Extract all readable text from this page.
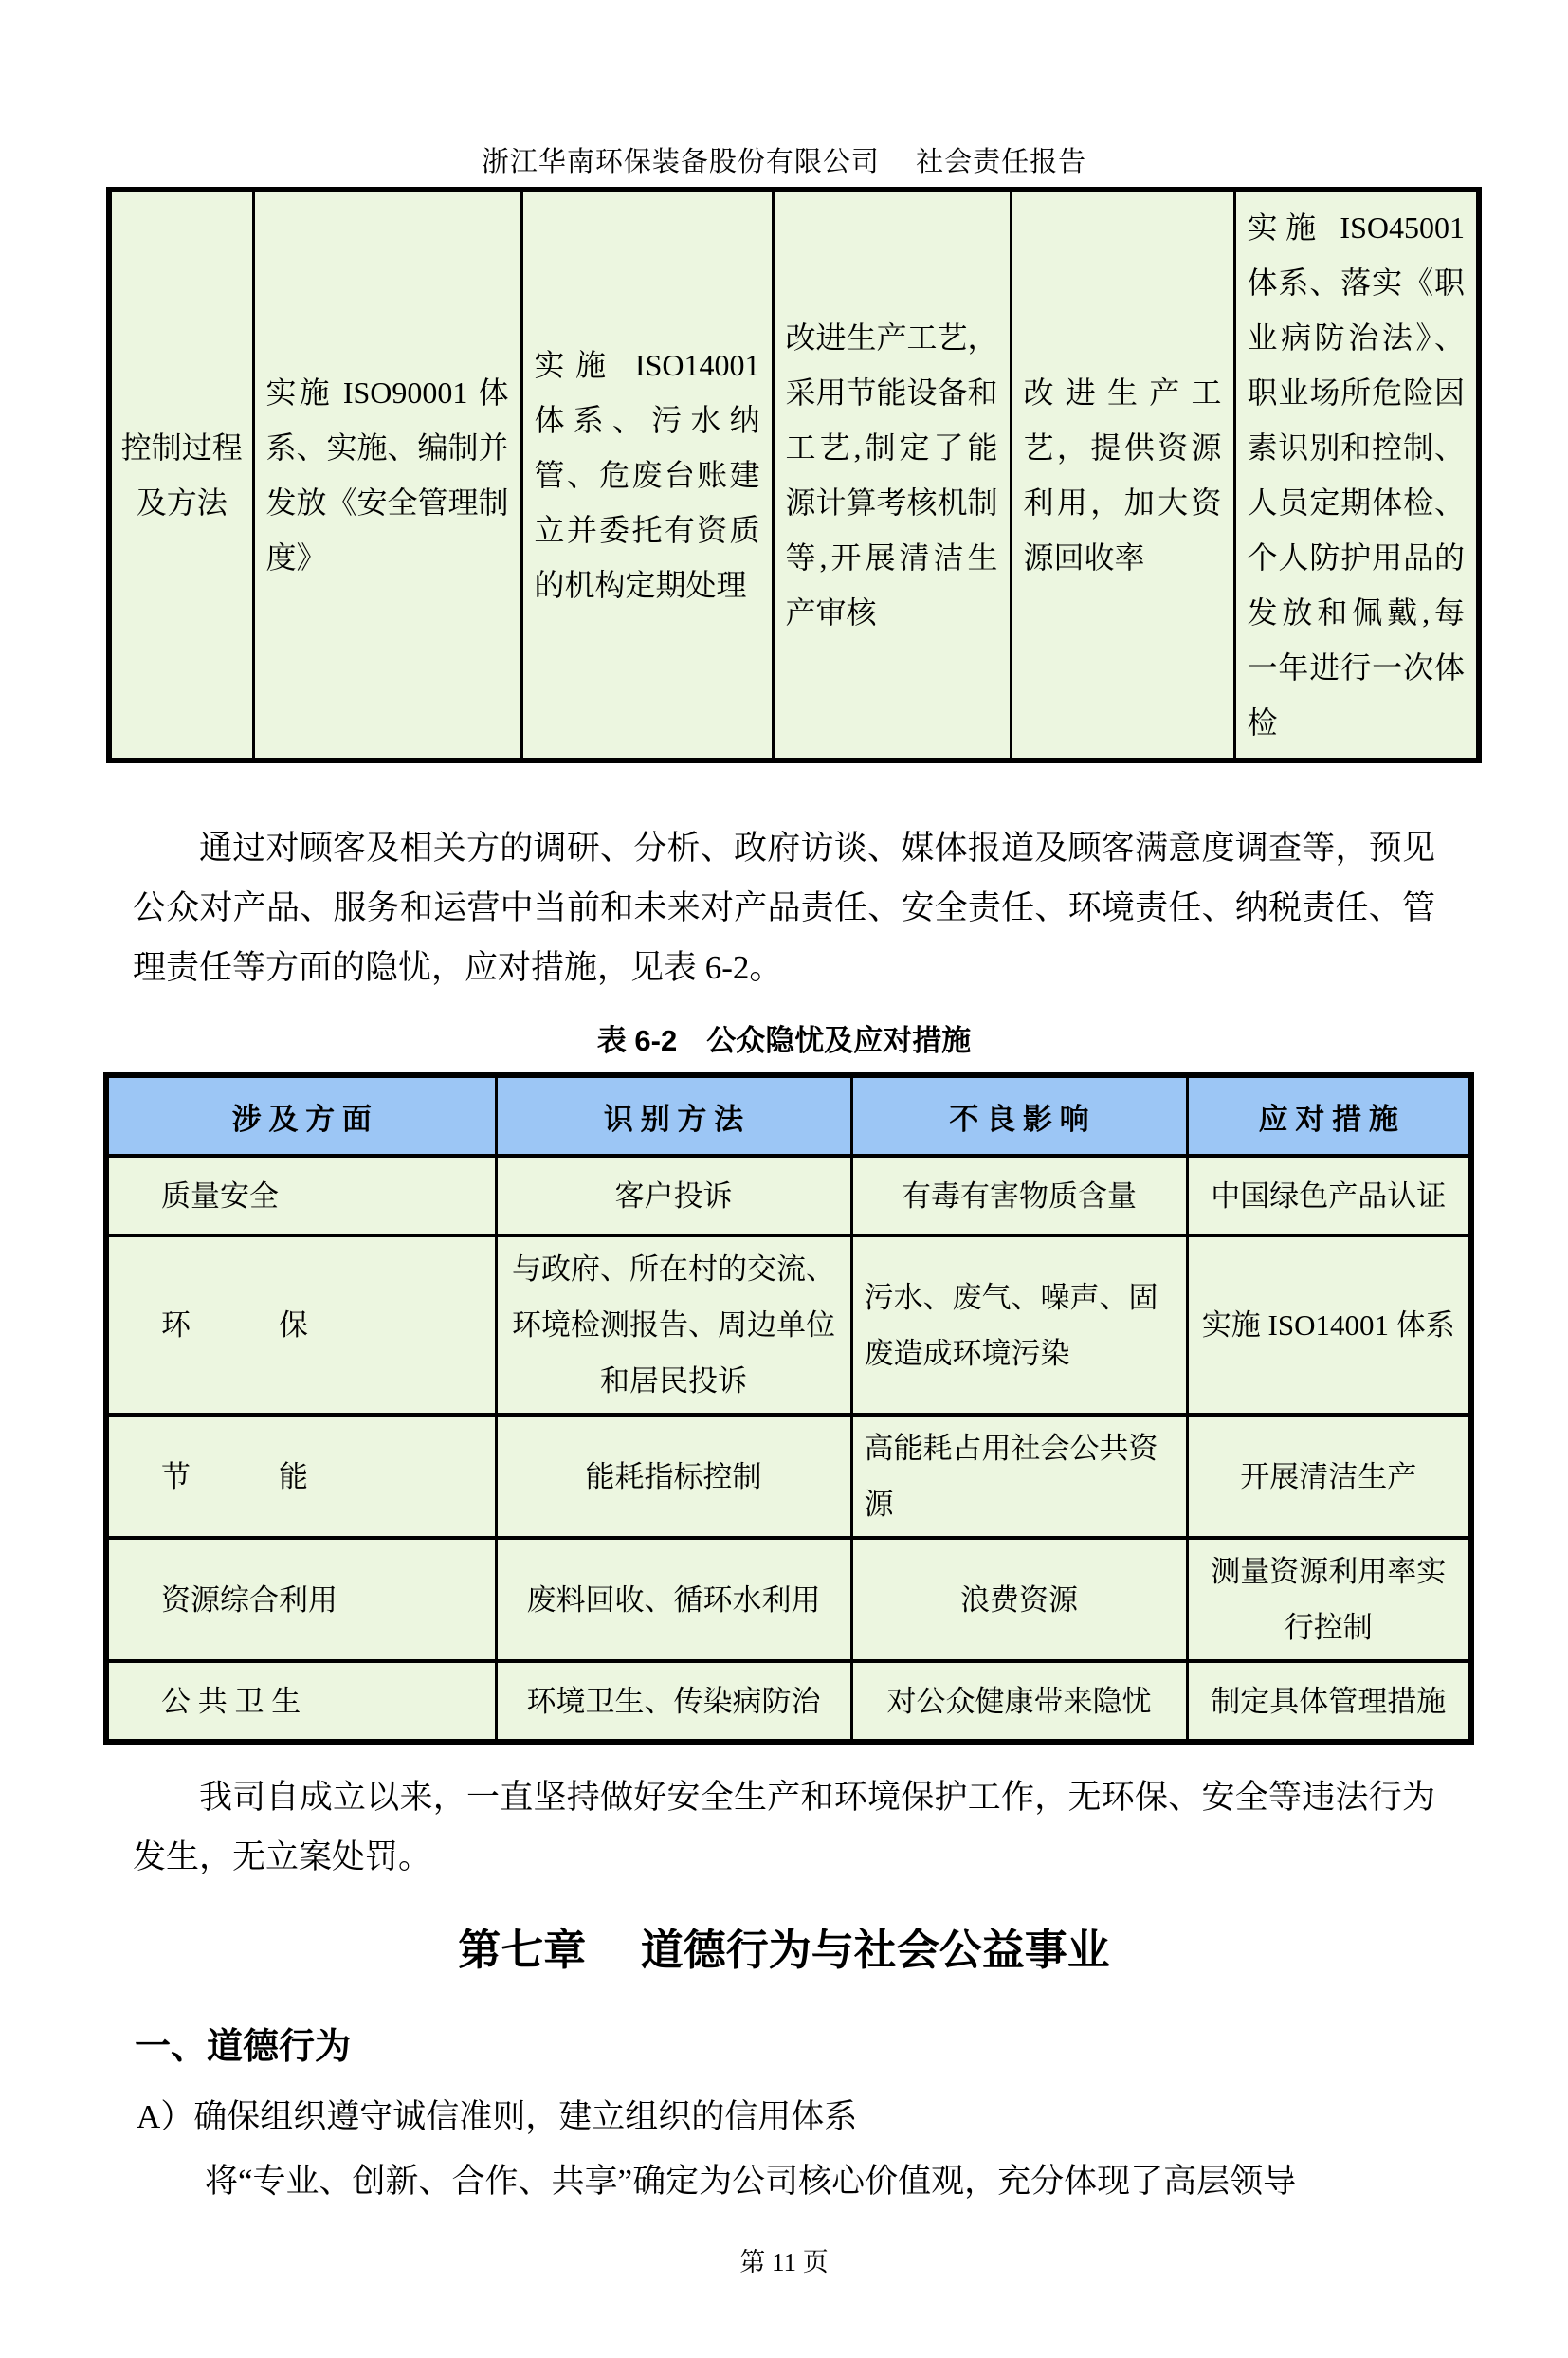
浙江华南环保装备股份有限公司　 社会责任报告
控制过程及方法	实施 ISO90001 体系、实施、编制并发放《安全管理制度》	实施 ISO14001 体系、污水纳管、危废台账建立并委托有资质的机构定期处理	改进生产工艺，采用节能设备和工艺,制定了能源计算考核机制等,开展清洁生产审核	改进生产工艺，提供资源利用，加大资源回收率	实施 ISO45001 体系、落实《职业病防治法》、职业场所危险因素识别和控制、人员定期体检、个人防护用品的发放和佩戴,每一年进行一次体检
通过对顾客及相关方的调研、分析、政府访谈、媒体报道及顾客满意度调查等，预见公众对产品、服务和运营中当前和未来对产品责任、安全责任、环境责任、纳税责任、管理责任等方面的隐忧，应对措施，见表 6-2。
表 6-2　公众隐忧及应对措施
涉 及 方 面	识 别 方 法	不 良 影 响	应 对 措 施
质量安全	客户投诉	有毒有害物质含量	中国绿色产品认证
环　　　保	与政府、所在村的交流、环境检测报告、周边单位和居民投诉	污水、废气、噪声、固废造成环境污染	实施 ISO14001 体系
节　　　能	能耗指标控制	高能耗占用社会公共资源	开展清洁生产
资源综合利用	废料回收、循环水利用	浪费资源	测量资源利用率实行控制
公 共 卫 生	环境卫生、传染病防治	对公众健康带来隐忧	制定具体管理措施
我司自成立以来，一直坚持做好安全生产和环境保护工作，无环保、安全等违法行为发生，无立案处罚。
第七章　 道德行为与社会公益事业
一、道德行为
A）确保组织遵守诚信准则，建立组织的信用体系
将“专业、创新、合作、共享”确定为公司核心价值观，充分体现了高层领导
第 11 页
